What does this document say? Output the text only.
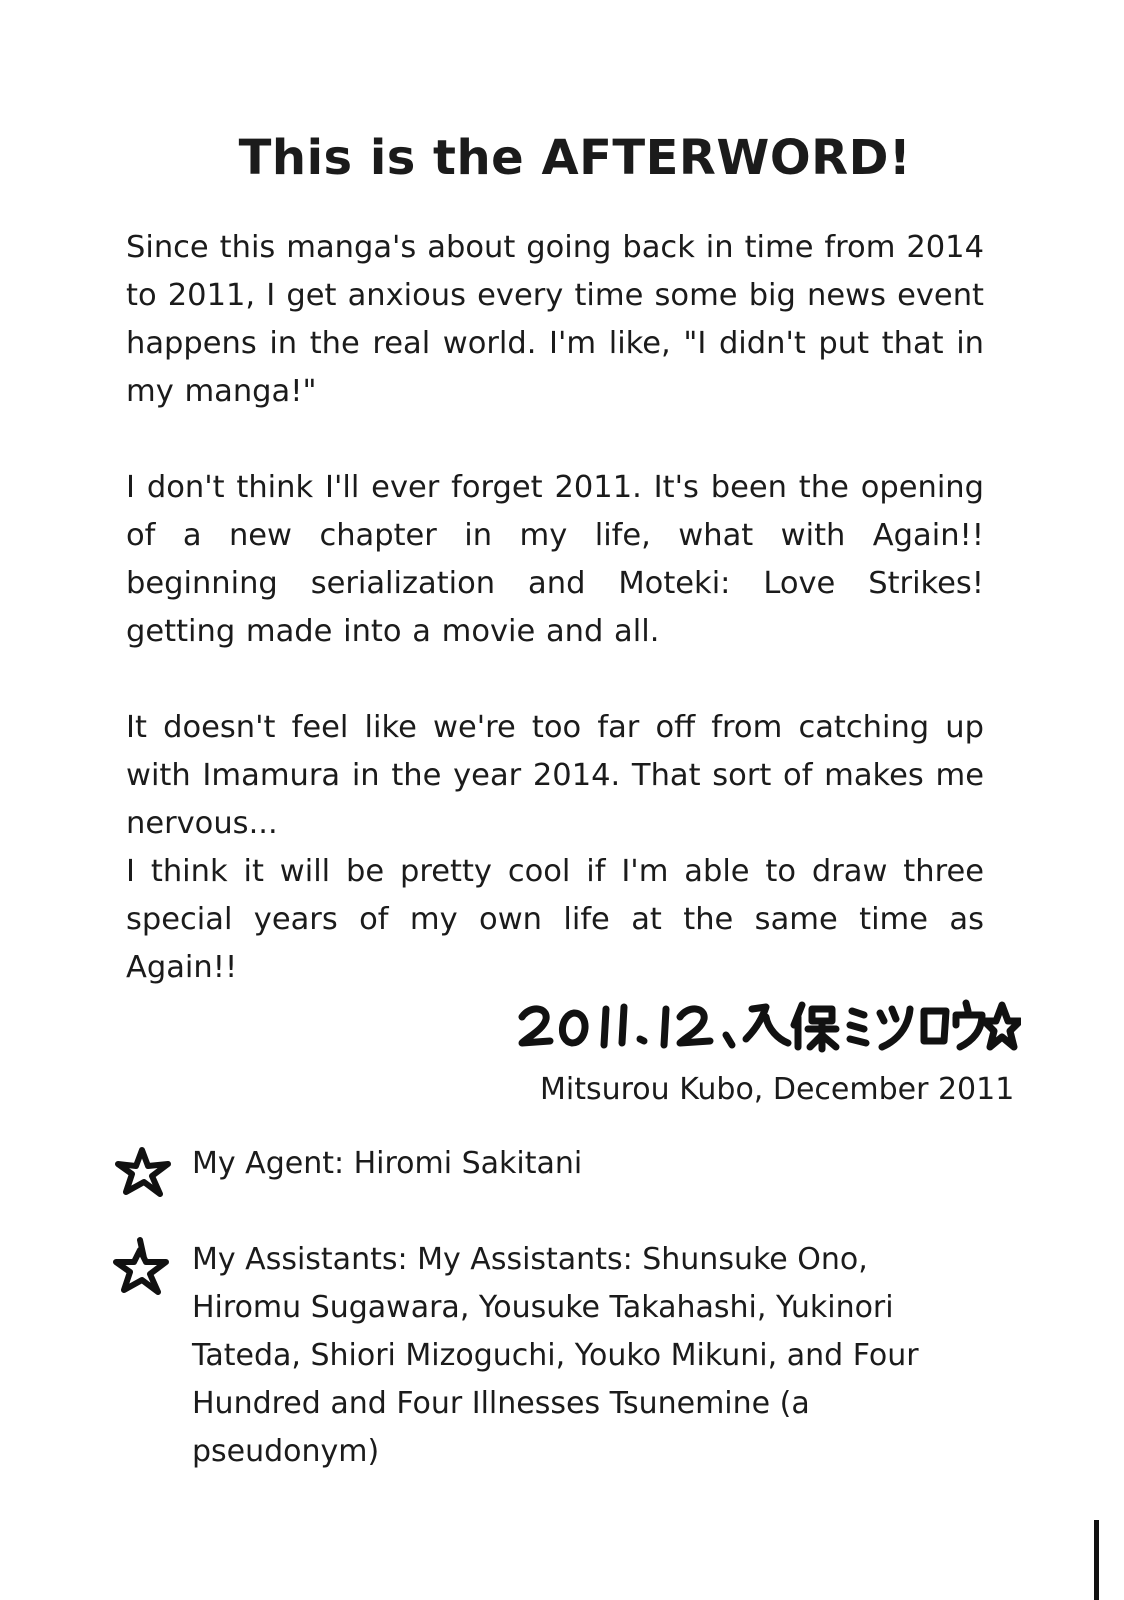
This is the AFTERWORD!

Since this manga's about going back in time from 2014 to 2011, I get anxious every time some big news event happens in the real world. I'm like, "I didn't put that in my manga!"

I don't think I'll ever forget 2011. It's been the opening of a new chapter in my life, what with Again!! beginning serialization and Moteki: Love Strikes! getting made into a movie and all.

It doesn't feel like we're too far off from catching up with Imamura in the year 2014. That sort of makes me nervous...

I think it will be pretty cool if I'm able to draw three special years of my own life at the same time as Again!!

Mitsurou Kubo, December 2011

My Agent: Hiromi Sakitani

My Assistants: My Assistants: Shunsuke Ono, Hiromu Sugawara, Yousuke Takahashi, Yukinori Tateda, Shiori Mizoguchi, Youko Mikuni, and Four Hundred and Four Illnesses Tsunemine (a pseudonym)
